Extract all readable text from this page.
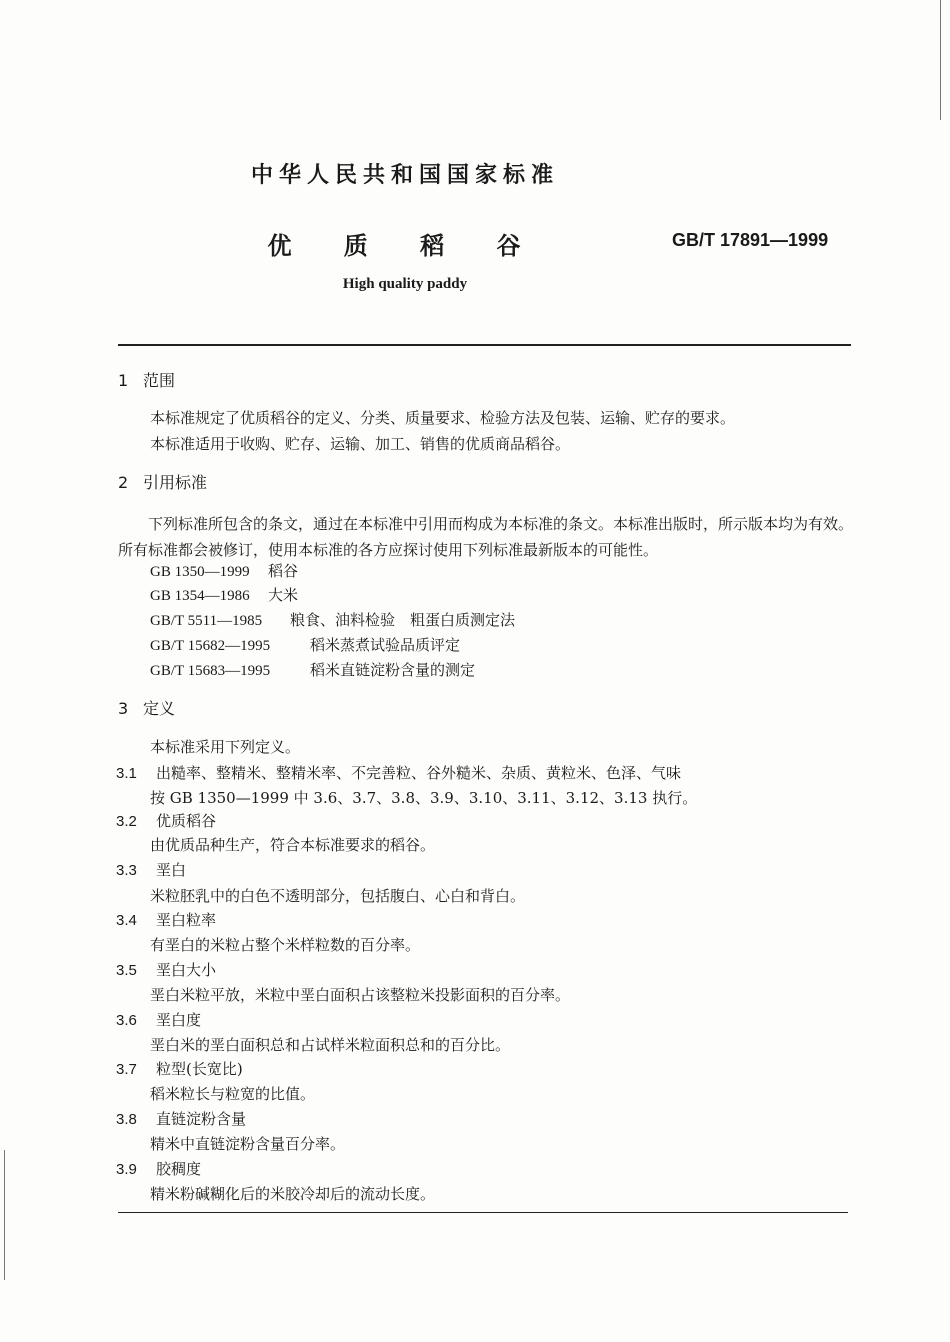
中华人民共和国国家标准
优 质 稻 谷	GB/T 17891—1999
High quality paddy
1 范围
本标准规定了优质稻谷的定义、分类、质量要求、检验方法及包装、运输、贮存的要求。
本标准适用于收购、贮存、运输、加工、销售的优质商品稻谷。
2 引用标准
下列标准所包含的条文，通过在本标准中引用而构成为本标准的条文。本标准出版时，所示版本均为有效。所有标准都会被修订，使用本标准的各方应探讨使用下列标准最新版本的可能性。
GB 1350—1999 稻谷
GB 1354—1986 大米
GB/T 5511—1985 粮食、油料检验　粗蛋白质测定法
GB/T 15682—1995	稻米蒸煮试验品质评定
GB/T 15683—1995	稻米直链淀粉含量的测定
3 定义
本标准采用下列定义。
3.1 出糙率、整精米、整精米率、不完善粒、谷外糙米、杂质、黄粒米、色泽、气味
按 GB 1350—1999 中 3.6、3.7、3.8、3.9、3.10、3.11、3.12、3.13 执行。
3.2 优质稻谷
由优质品种生产，符合本标准要求的稻谷。
3.3 垩白
米粒胚乳中的白色不透明部分，包括腹白、心白和背白。
3.4 垩白粒率
有垩白的米粒占整个米样粒数的百分率。
3.5 垩白大小
垩白米粒平放，米粒中垩白面积占该整粒米投影面积的百分率。
3.6 垩白度
垩白米的垩白面积总和占试样米粒面积总和的百分比。
3.7 粒型(长宽比)
稻米粒长与粒宽的比值。
3.8 直链淀粉含量
精米中直链淀粉含量百分率。
3.9 胶稠度
精米粉碱糊化后的米胶冷却后的流动长度。
